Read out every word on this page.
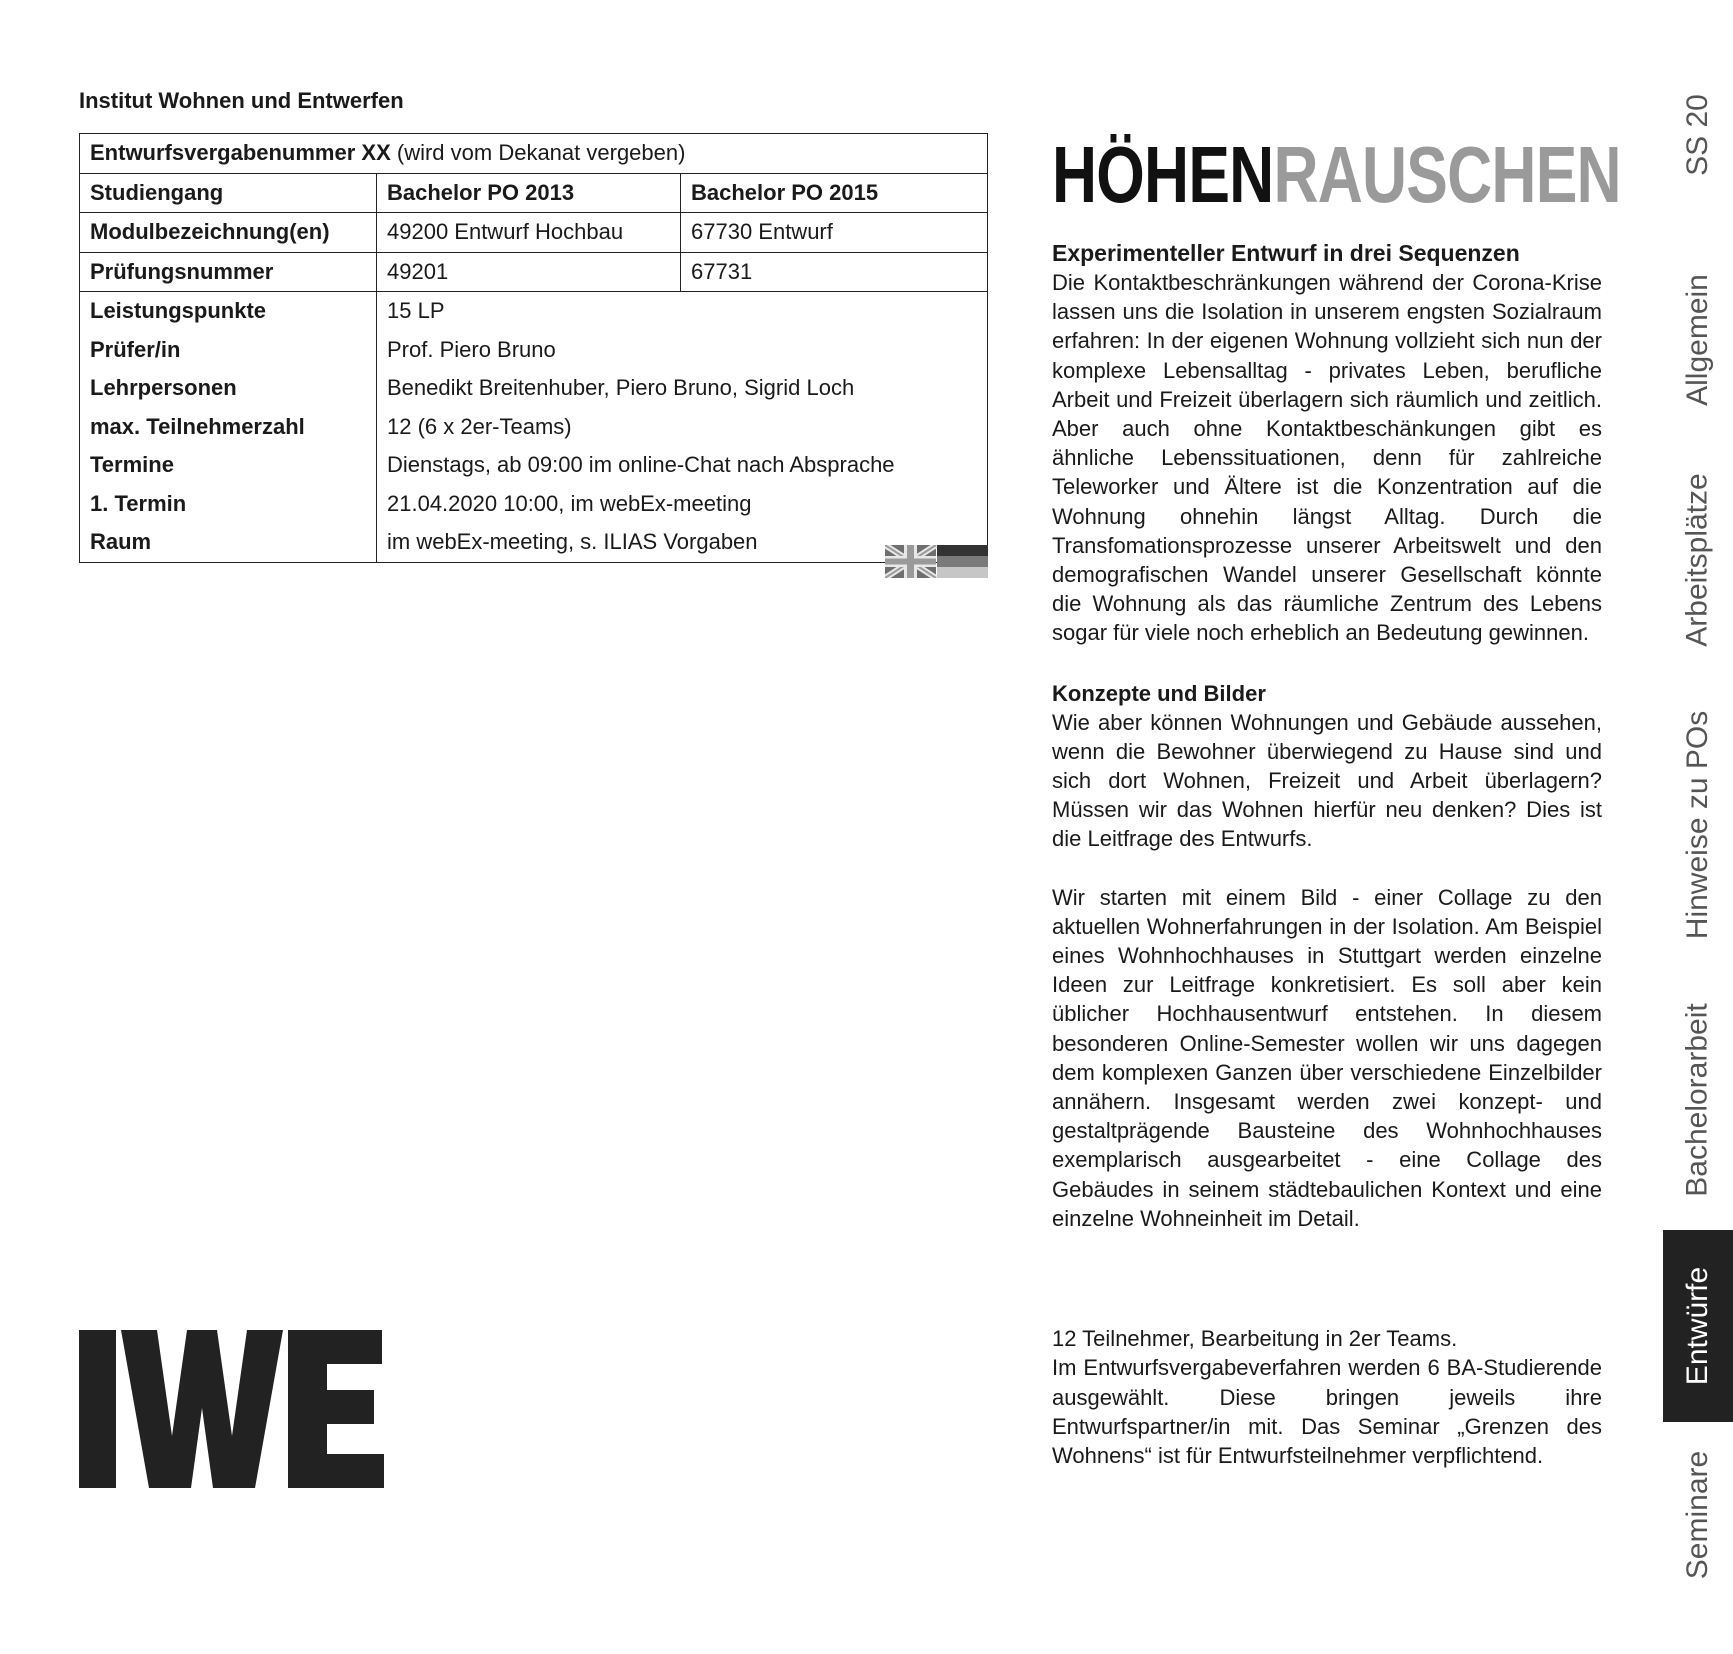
Institut Wohnen und Entwerfen
Entwurfsvergabenummer XX (wird vom Dekanat vergeben)		
Studiengang	Bachelor PO 2013	Bachelor PO 2015
Modulbezeichnung(en)	49200 Entwurf Hochbau	67730 Entwurf
Prüfungsnummer	49201	67731
Leistungspunkte	15 LP	
Prüfer/in	Prof. Piero Bruno	
Lehrpersonen	Benedikt Breitenhuber, Piero Bruno, Sigrid Loch	
max. Teilnehmerzahl	12 (6 x 2er-Teams)	
Termine	Dienstags, ab 09:00 im online-Chat nach Absprache	
1. Termin	21.04.2020 10:00, im webEx-meeting	
Raum	im webEx-meeting, s. ILIAS Vorgaben	
HÖHENRAUSCHEN
Experimenteller Entwurf in drei Sequenzen

Die Kontaktbeschränkungen während der Corona-Krise lassen uns die Isolation in unserem engsten Sozialraum erfahren: In der eigenen Wohnung vollzieht sich nun der komplexe Lebensalltag - privates Leben, berufliche Arbeit und Freizeit überlagern sich räumlich und zeitlich. Aber auch ohne Kontaktbeschänkungen gibt es ähnliche Lebenssituationen, denn für zahlreiche Teleworker und Ältere ist die Konzentration auf die Wohnung ohnehin längst Alltag. Durch die Transfomationsprozesse unserer Arbeitswelt und den demografischen Wandel unserer Gesellschaft könnte die Wohnung als das räumliche Zentrum des Lebens sogar für viele noch erheblich an Bedeutung gewinnen.

Konzepte und Bilder

Wie aber können Wohnungen und Gebäude aussehen, wenn die Bewohner überwiegend zu Hause sind und sich dort Wohnen, Freizeit und Arbeit überlagern? Müssen wir das Wohnen hierfür neu denken? Dies ist die Leitfrage des Entwurfs.

Wir starten mit einem Bild - einer Collage zu den aktuellen Wohnerfahrungen in der Isolation. Am Beispiel eines Wohnhochhauses in Stuttgart werden einzelne Ideen zur Leitfrage konkretisiert. Es soll aber kein üblicher Hochhausentwurf entstehen. In diesem besonderen Online-Semester wollen wir uns dagegen dem komplexen Ganzen über verschiedene Einzelbilder annähern. Insgesamt werden zwei konzept- und gestaltprägende Bausteine des Wohnhochhauses exemplarisch ausgearbeitet - eine Collage des Gebäudes in seinem städtebaulichen Kontext und eine einzelne Wohneinheit im Detail.

12 Teilnehmer, Bearbeitung in 2er Teams.

Im Entwurfsvergabeverfahren werden 6 BA-Studierende ausgewählt. Diese bringen jeweils ihre Entwurfspartner/in mit. Das Seminar „Grenzen des Wohnens“ ist für Entwurfsteilnehmer verpflichtend.

SS 20
Allgemein
Arbeitsplätze
Hinweise zu POs
Bachelorarbeit
Entwürfe
Seminare
